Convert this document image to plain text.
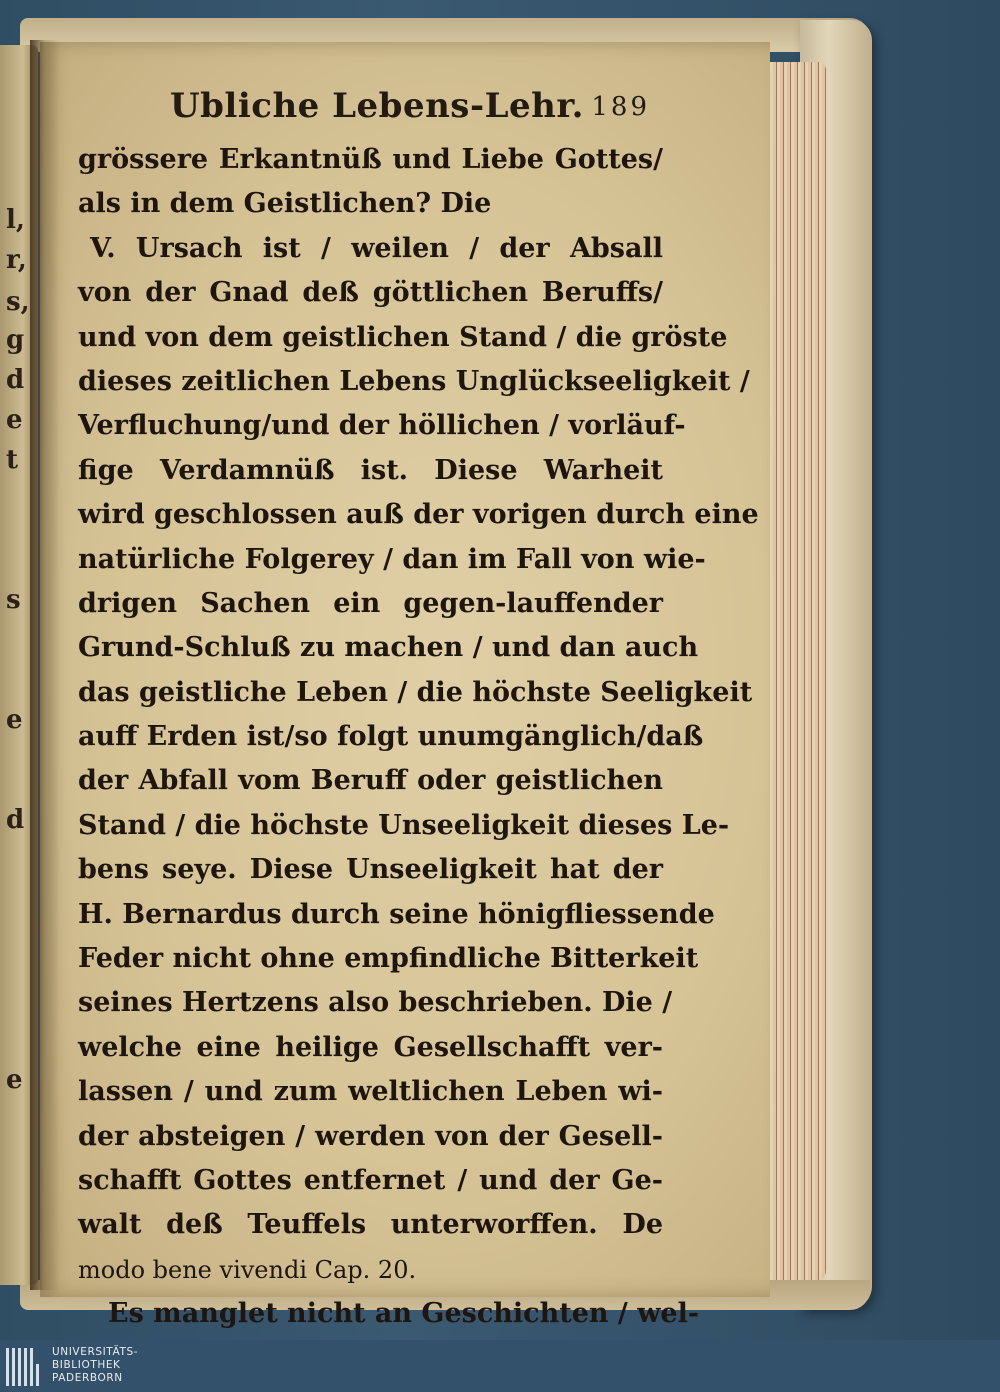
l,
r,
s,
g
d
e
t
s
e
d
e
Ubliche Lebens-Lehr. 189
grössere Erkantnüß und Liebe Gottes/
als in dem Geistlichen? Die
V. Ursach ist / weilen / der Absall
von der Gnad deß göttlichen Beruffs/
und von dem geistlichen Stand / die gröste
dieses zeitlichen Lebens Unglückseeligkeit /
Verfluchung/und der höllichen / vorläuf-
fige Verdamnüß ist. Diese Warheit
wird geschlossen auß der vorigen durch eine
natürliche Folgerey / dan im Fall von wie-
drigen Sachen ein gegen-lauffender
Grund-Schluß zu machen / und dan auch
das geistliche Leben / die höchste Seeligkeit
auff Erden ist/so folgt unumgänglich/daß
der Abfall vom Beruff oder geistlichen
Stand / die höchste Unseeligkeit dieses Le-
bens seye. Diese Unseeligkeit hat der
H. Bernardus durch seine hönigfliessende
Feder nicht ohne empfindliche Bitterkeit
seines Hertzens also beschrieben. Die /
welche eine heilige Gesellschafft ver-
lassen / und zum weltlichen Leben wi-
der absteigen / werden von der Gesell-
schafft Gottes entfernet / und der Ge-
walt deß Teuffels unterworffen. De
modo bene vivendi Cap. 20.
Es manglet nicht an Geschichten / wel-
UNIVERSITÄTS-
BIBLIOTHEK
PADERBORN
